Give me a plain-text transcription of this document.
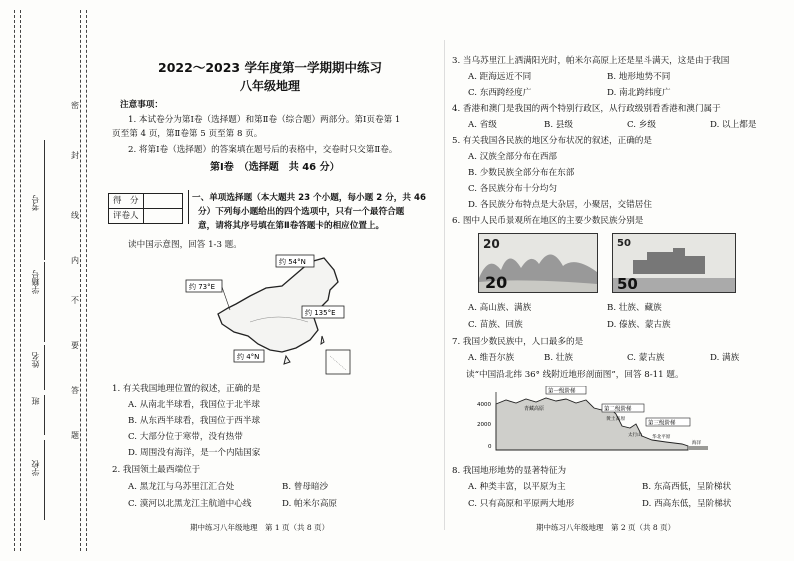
密
封
线
内
不
要
答
题
考号
学籍号
姓名
班
学校
2022～2023 学年度第一学期期中练习
八年级地理
注意事项：
1. 本试卷分为第Ⅰ卷（选择题）和第Ⅱ卷（综合题）两部分。第Ⅰ页卷第 1
页至第 4 页，第Ⅱ卷第 5 页至第 8 页。
2. 将第Ⅰ卷（选择题）的答案填在题号后的表格中，交卷时只交第Ⅱ卷。
第Ⅰ卷　（选择题　共 46 分）
得　分	
评卷人	
一、单项选择题（本大题共 23 个小题，每小题 2 分，共 46
分）下列每小题给出的四个选项中，只有一个最符合题
意，请将其序号填在第Ⅱ卷答题卡的相应位置上。
读中国示意图，回答 1-3 题。
约 54°N
约 73°E
约 135°E
约 4°N
1. 有关我国地理位置的叙述，正确的是
A. 从南北半球看，我国位于北半球
B. 从东西半球看，我国位于西半球
C. 大部分位于寒带，没有热带
D. 周围没有海洋，是一个内陆国家
2. 我国领土最西端位于
A. 黑龙江与乌苏里江汇合处	B. 曾母暗沙
C. 漠河以北黑龙江主航道中心线	D. 帕米尔高原
期中练习八年级地理　第 1 页（共 8 页）
3. 当乌苏里江上洒满阳光时，帕米尔高原上还是星斗满天，这是由于我国
A. 距海远近不同	B. 地形地势不同
C. 东西跨经度广	D. 南北跨纬度广
4. 香港和澳门是我国的两个特别行政区，从行政级别看香港和澳门属于
A. 省级	B. 县级	C. 乡级	D. 以上都是
5. 有关我国各民族的地区分布状况的叙述，正确的是
A. 汉族全部分布在西部
B. 少数民族全部分布在东部
C. 各民族分布十分均匀
D. 各民族分布特点是大杂居，小聚居，交错居住
6. 图中人民币景观所在地区的主要少数民族分别是
20
20
50
50
A. 高山族、满族	B. 壮族、藏族
C. 苗族、回族	D. 傣族、蒙古族
7. 我国少数民族中，人口最多的是
A. 维吾尔族	B. 壮族	C. 蒙古族	D. 满族
读“中国沿北纬 36° 线附近地形剖面图”，回答 8-11 题。
4000
2000
0
第一级阶梯
青藏高原	第二级阶梯
黄土高原
第三级阶梯
太行山 华北平原
海洋
8. 我国地形地势的显著特征为
A. 种类丰富，以平原为主	B. 东高西低，呈阶梯状
C. 只有高原和平原两大地形	D. 西高东低，呈阶梯状
期中练习八年级地理　第 2 页（共 8 页）
